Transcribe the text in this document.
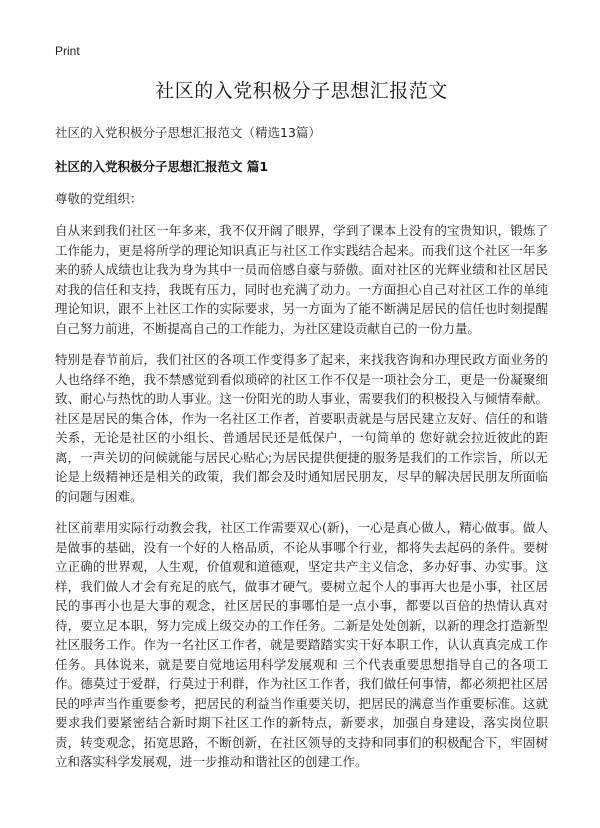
Print
社区的入党积极分子思想汇报范文
社区的入党积极分子思想汇报范文（精选13篇）
社区的入党积极分子思想汇报范文 篇1
尊敬的党组织：

自从来到我们社区一年多来，我不仅开阔了眼界，学到了课本上没有的宝贵知识，锻炼了工作能力，更是将所学的理论知识真正与社区工作实践结合起来。而我们这个社区一年多来的骄人成绩也让我为身为其中一员而倍感自豪与骄傲。面对社区的光辉业绩和社区居民对我的信任和支持，我既有压力，同时也充满了动力。一方面担心自己对社区工作的单纯理论知识，跟不上社区工作的实际要求，另一方面为了能不断满足居民的信任也时刻提醒自己努力前进，不断提高自己的工作能力，为社区建设贡献自己的一份力量。

特别是春节前后，我们社区的各项工作变得多了起来，来找我咨询和办理民政方面业务的人也络绎不绝，我不禁感觉到看似琐碎的社区工作不仅是一项社会分工，更是一份凝聚细致、耐心与热忱的助人事业。这一份阳光的助人事业，需要我们的积极投入与倾情奉献。社区是居民的集合体，作为一名社区工作者，首要职责就是与居民建立友好、信任的和谐关系，无论是社区的小组长、普通居民还是低保户，一句简单的 您好就会拉近彼此的距离，一声关切的问候就能与居民心贴心;为居民提供便捷的服务是我们的工作宗旨，所以无论是上级精神还是相关的政策，我们都会及时通知居民朋友，尽早的解决居民朋友所面临的问题与困难。

社区前辈用实际行动教会我，社区工作需要双心(新)，一心是真心做人，精心做事。做人是做事的基础，没有一个好的人格品质，不论从事哪个行业，都将失去起码的条件。要树立正确的世界观，人生观，价值观和道德观，坚定共产主义信念，多办好事、办实事。这样，我们做人才会有充足的底气，做事才硬气。要树立起个人的事再大也是小事，社区居民的事再小也是大事的观念，社区居民的事哪怕是一点小事，都要以百倍的热情认真对待，要立足本职，努力完成上级交办的工作任务。二新是处处创新，以新的理念打造新型社区服务工作。作为一名社区工作者，就是要踏踏实实干好本职工作，认认真真完成工作任务。具体说来，就是要自觉地运用科学发展观和 三个代表重要思想指导自己的各项工作。德莫过于爱群，行莫过于利群，作为社区工作者，我们做任何事情，都必须把社区居民的呼声当作重要参考，把居民的利益当作重要关切，把居民的满意当作重要标准。这就要求我们要紧密结合新时期下社区工作的新特点，新要求，加强自身建设，落实岗位职责，转变观念，拓宽思路，不断创新，在社区领导的支持和同事们的积极配合下，牢固树立和落实科学发展观，进一步推动和谐社区的创建工作。
